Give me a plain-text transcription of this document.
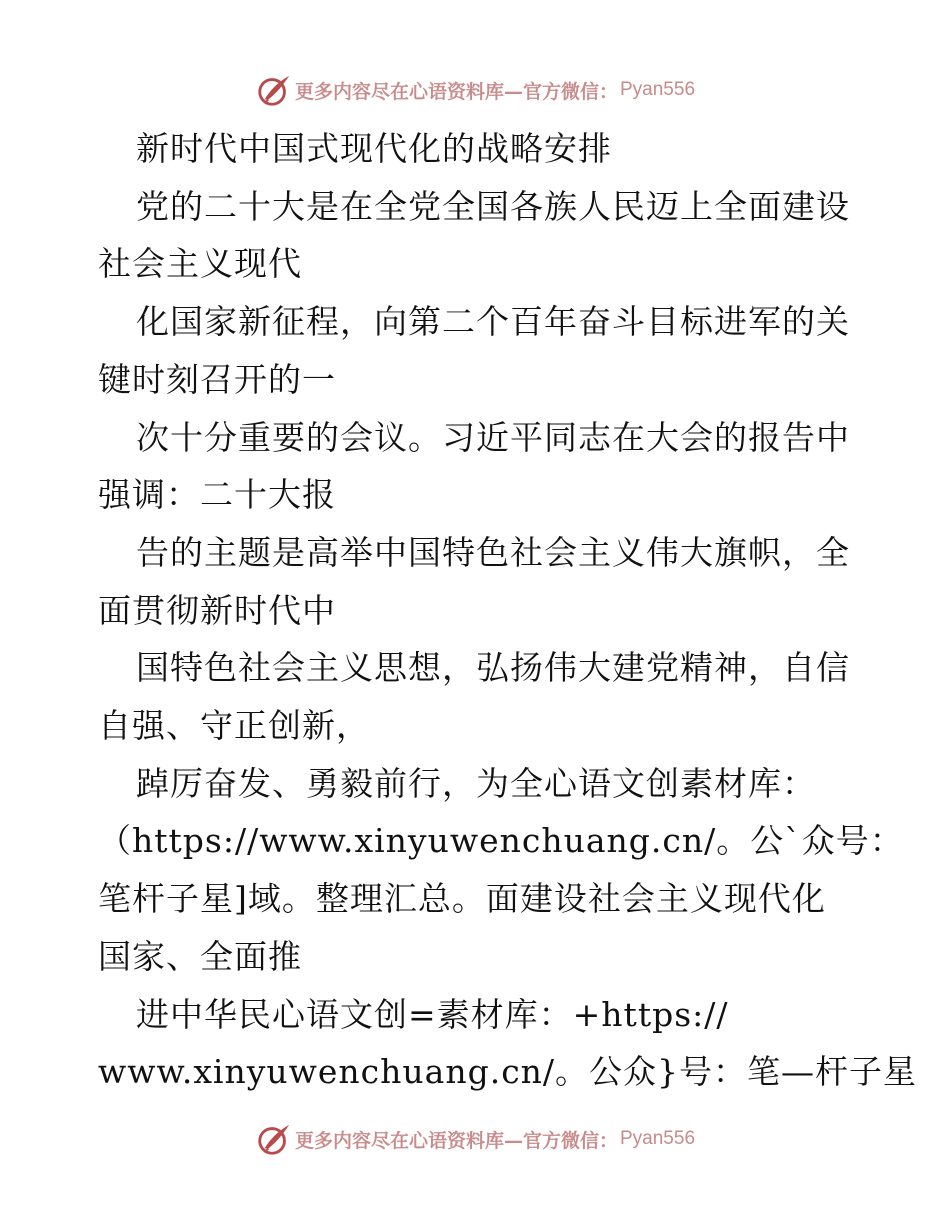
更多内容尽在心语资料库—官方微信： Pyan556

新时代中国式现代化的战略安排

党的二十大是在全党全国各族人民迈上全面建设

社会主义现代

化国家新征程，向第二个百年奋斗目标进军的关

键时刻召开的一

次十分重要的会议。习近平同志在大会的报告中

强调：二十大报

告的主题是高举中国特色社会主义伟大旗帜，全

面贯彻新时代中

国特色社会主义思想，弘扬伟大建党精神，自信

自强、守正创新，

踔厉奋发、勇毅前行，为全心语文创素材库：

（https://www.xinyuwenchuang.cn/。公`众号：

笔杆子星]域。整理汇总。面建设社会主义现代化

国家、全面推

进中华民心语文创=素材库：+https://

www.xinyuwenchuang.cn/。公众}号：笔—杆子星

更多内容尽在心语资料库—官方微信： Pyan556
